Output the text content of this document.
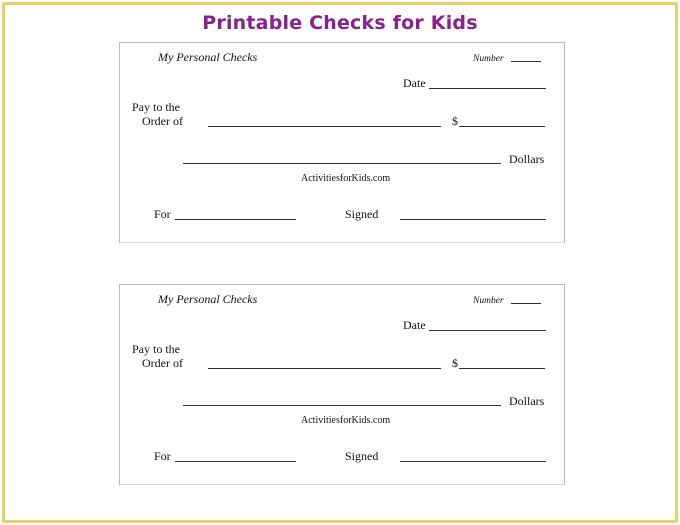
Printable Checks for Kids
My Personal Checks	Number
Date
Pay to the
Order of	$
Dollars
ActivitiesforKids.com
For	Signed
My Personal Checks	Number
Date
Pay to the
Order of	$
Dollars
ActivitiesforKids.com
For	Signed
